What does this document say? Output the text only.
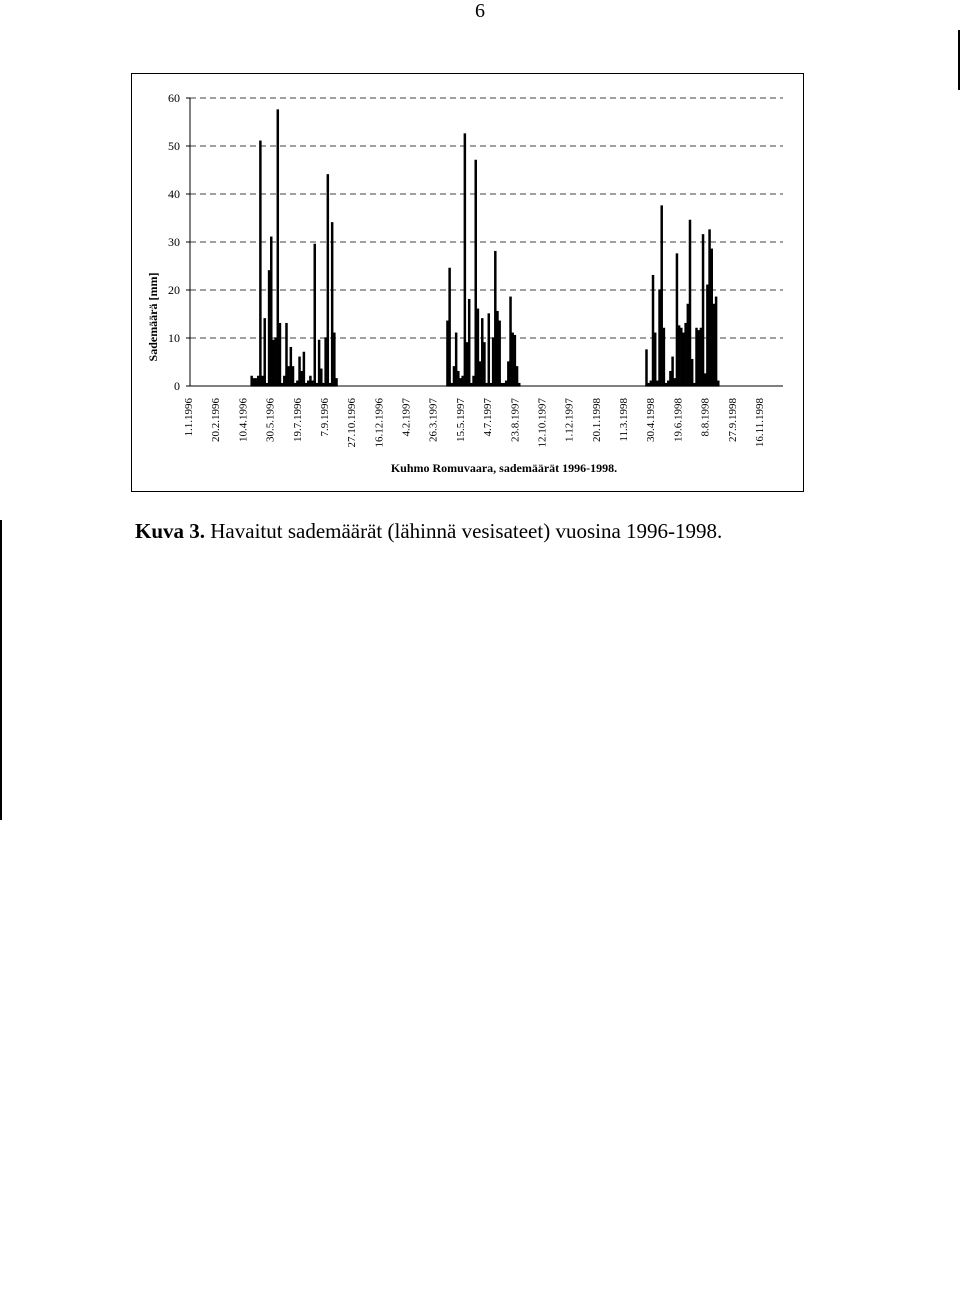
6
0
10
20
30
40
50
60
1.1.1996 20.2.1996 10.4.1996 30.5.1996 19.7.1996 7.9.1996 27.10.1996 16.12.1996 4.2.1997 26.3.1997 15.5.1997 4.7.1997 23.8.1997 12.10.1997 1.12.1997 20.1.1998 11.3.1998 30.4.1998 19.6.1998 8.8.1998 27.9.1998 16.11.1998
Sademäärä [mm]
Kuhmo Romuvaara, sademäärät 1996-1998.
Kuva 3. Havaitut sademäärät (lähinnä vesisateet) vuosina 1996-1998.
